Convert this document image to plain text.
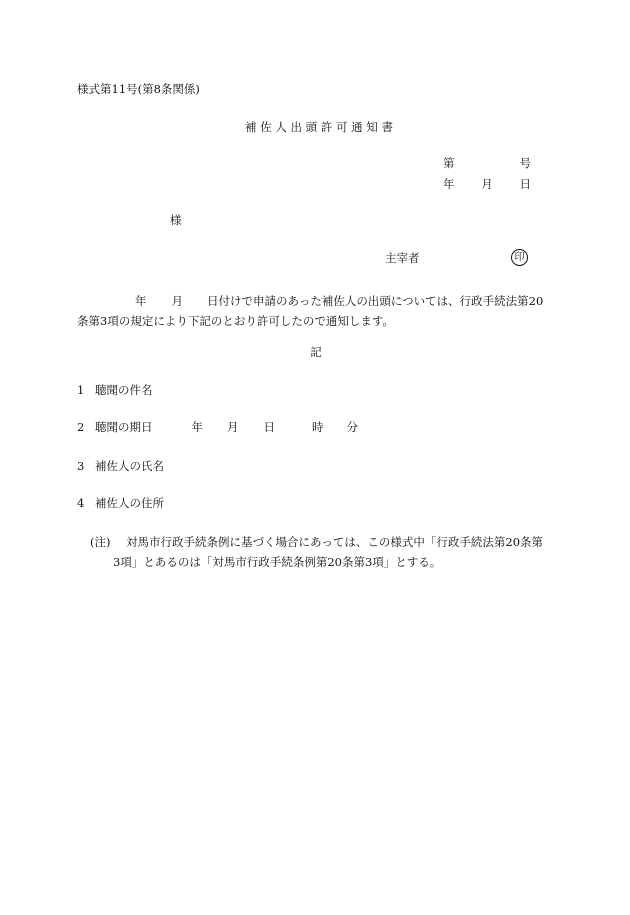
様式第11号(第8条関係)
補 佐 人 出 頭 許 可 通 知 書
第	号
年 月 日
様
主宰者	印
年 月 日付けで申請のあった補佐人の出頭については、行政手続法第20
条第3項の規定により下記のとおり許可したので通知します。
記
1 聴聞の件名
2 聴聞の期日	年 月 日	時 分
3 補佐人の氏名
4 補佐人の住所
(注) 対馬市行政手続条例に基づく場合にあっては、この様式中「行政手続法第20条第
3項」とあるのは「対馬市行政手続条例第20条第3項」とする。
